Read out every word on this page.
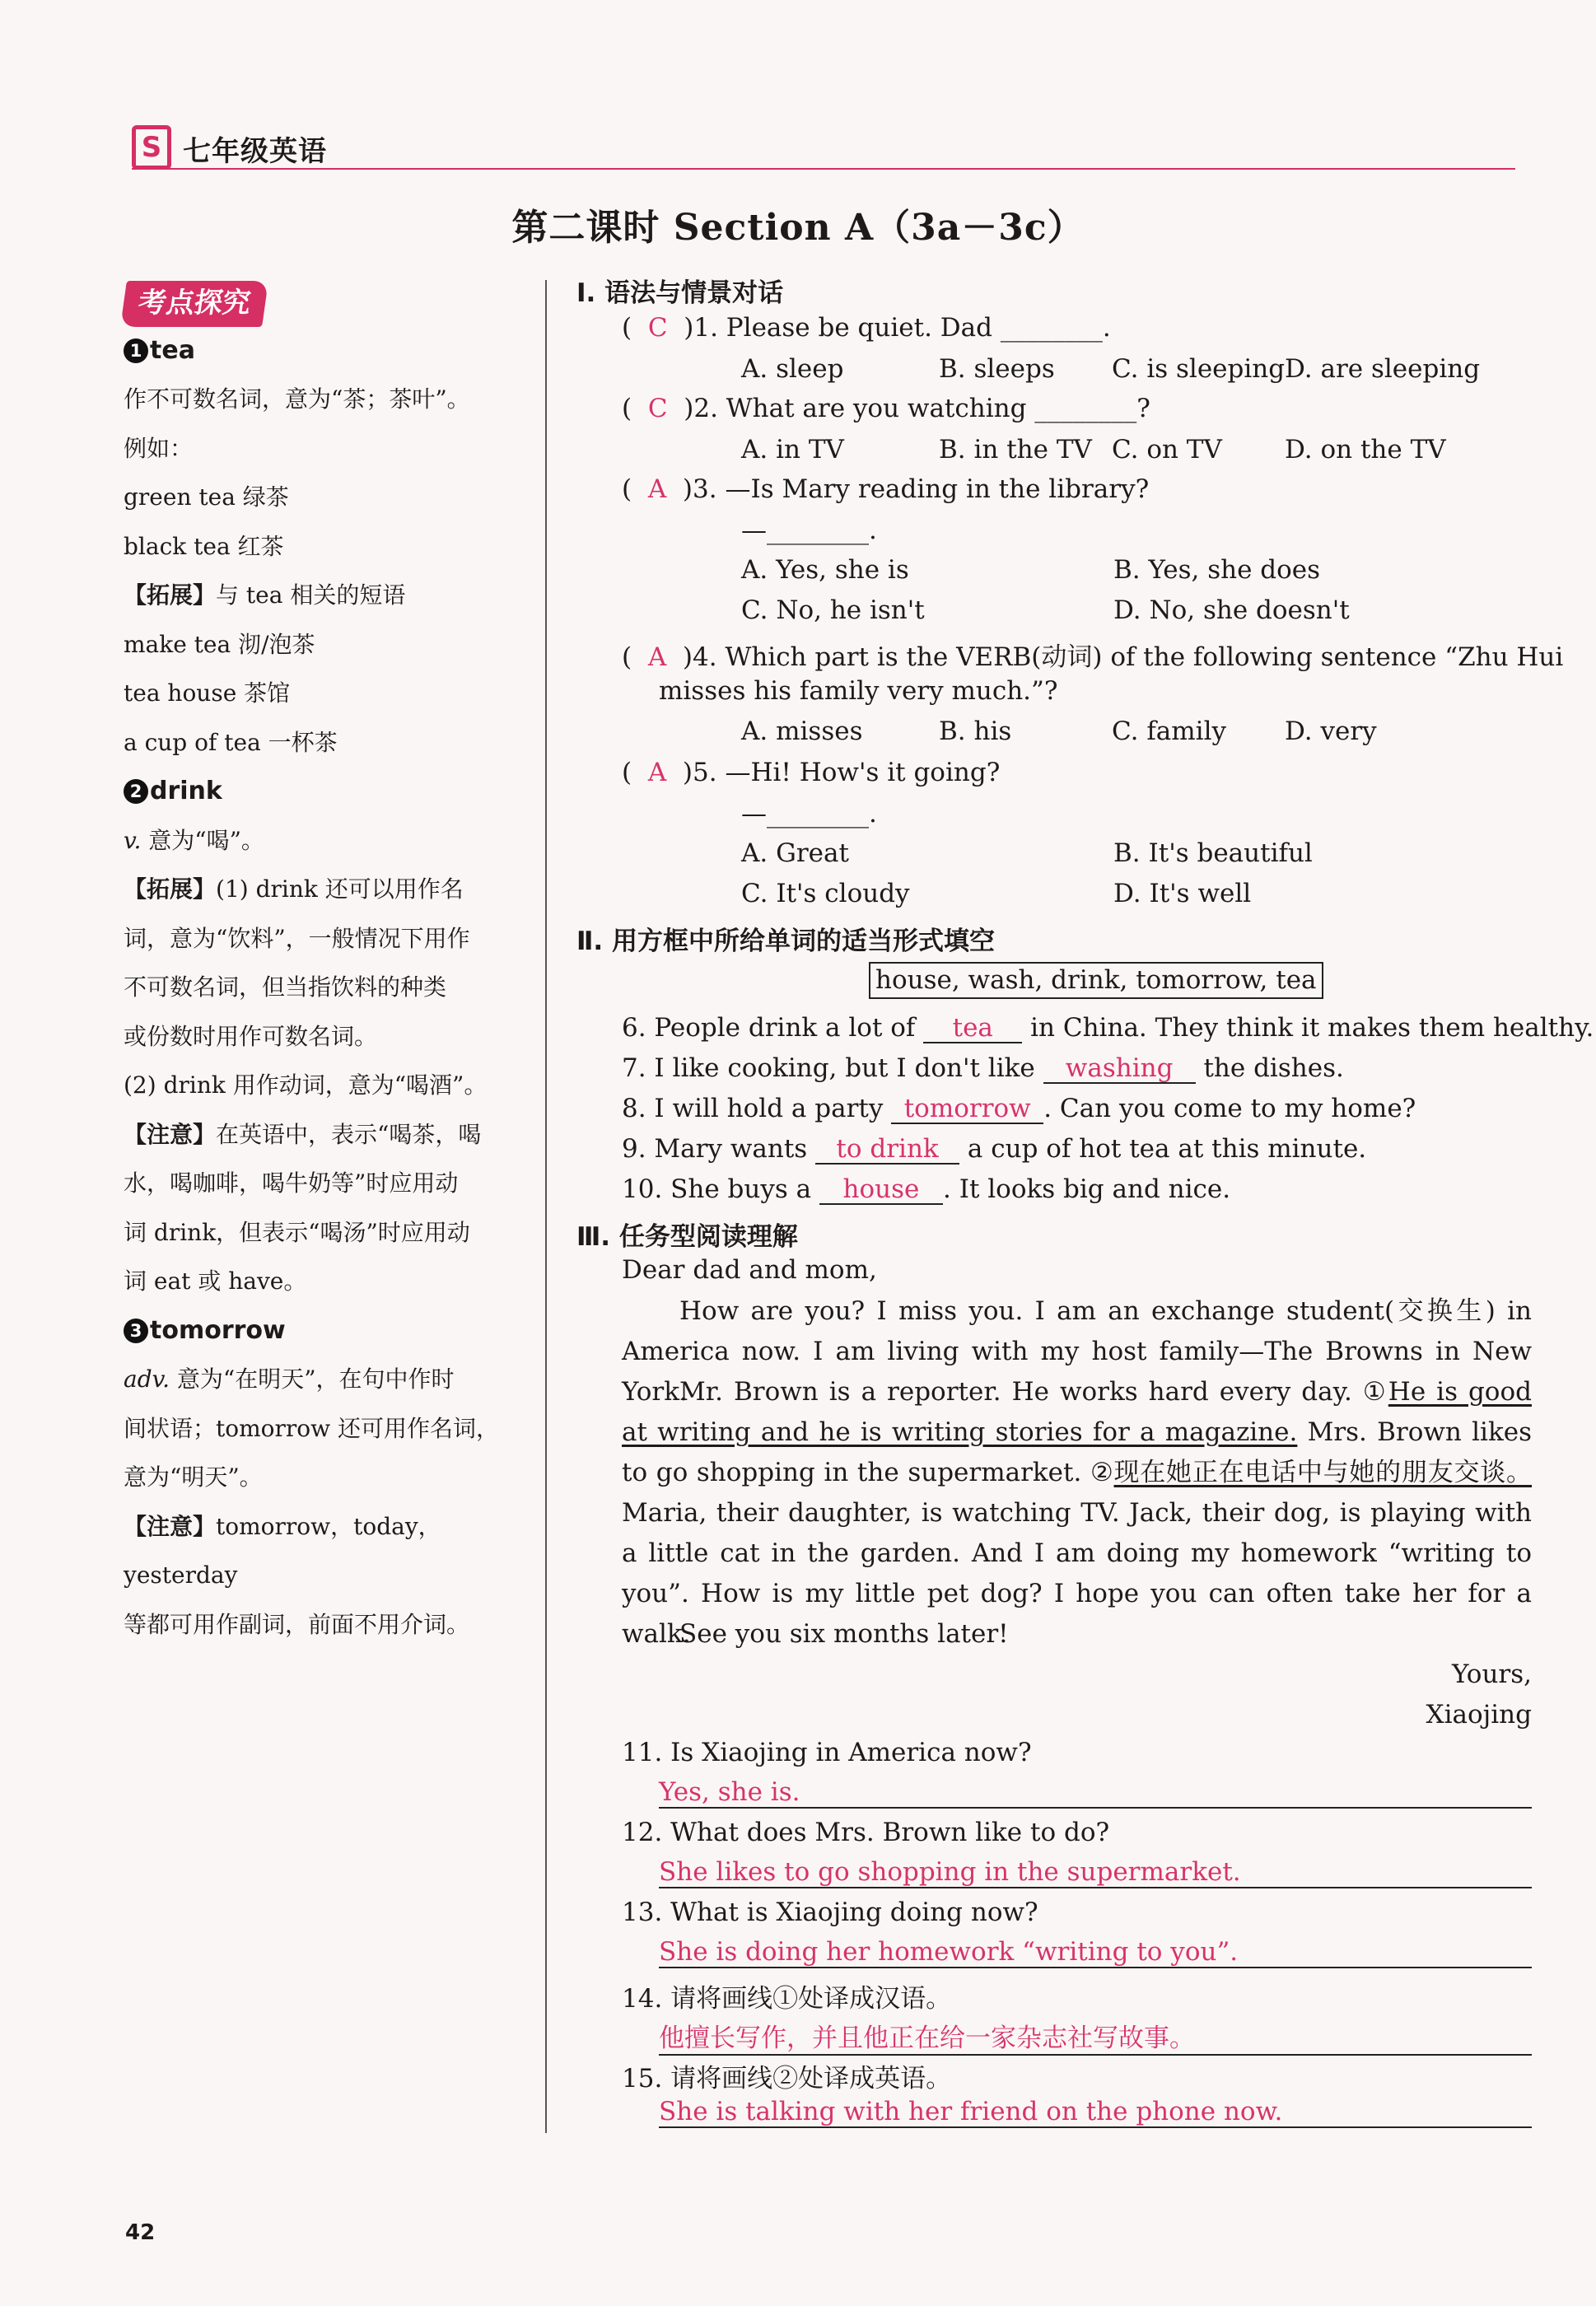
S 七年级英语
第二课时 Section A（3a－3c）
考点探究
1 tea
作不可数名词，意为“茶；茶叶”。
例如：
green tea 绿茶
black tea 红茶
【拓展】与 tea 相关的短语
make tea 沏/泡茶
tea house 茶馆
a cup of tea 一杯茶
2 drink
v. 意为“喝”。
【拓展】(1) drink 还可以用作名
词，意为“饮料”，一般情况下用作
不可数名词，但当指饮料的种类
或份数时用作可数名词。
(2) drink 用作动词，意为“喝酒”。
【注意】在英语中，表示“喝茶，喝
水，喝咖啡，喝牛奶等”时应用动
词 drink，但表示“喝汤”时应用动
词 eat 或 have。
3 tomorrow
adv. 意为“在明天”，在句中作时
间状语；tomorrow 还可用作名词，
意为“明天”。
【注意】tomorrow，today，yesterday
等都可用作副词，前面不用介词。
Ⅰ. 语法与情景对话
(  C )1. Please be quiet. Dad ________.
A. sleep	B. sleeps C. is sleeping D. are sleeping
(  C )2. What are you watching ________?
A. in TV	B. in the TV C. on TV D. on the TV
(  A )3. —Is Mary reading in the library?
—________.
A. Yes, she is	B. Yes, she does
C. No, he isn't	D. No, she doesn't
(  A )4. Which part is the VERB(动词) of the following sentence “Zhu Hui
misses his family very much.”?
A. misses	B. his	C. family D. very
(  A )5. —Hi! How's it going?
—________.
A. Great	B. It's beautiful
C. It's cloudy	D. It's well
Ⅱ. 用方框中所给单词的适当形式填空
house, wash, drink, tomorrow, tea
6. People drink a lot of tea in China. They think it makes them healthy.
7. I like cooking, but I don't like washing the dishes.
8. I will hold a party tomorrow . Can you come to my home?
9. Mary wants to drink a cup of hot tea at this minute.
10. She buys a house . It looks big and nice.
Ⅲ. 任务型阅读理解
Dear dad and mom,
How are you? I miss you. I am an exchange student(交换生) in America now. I am living with my host family—The Browns in New York.
Mr. Brown is a reporter. He works hard every day. ①He is good at writing and he is writing stories for a magazine. Mrs. Brown likes to go shopping in the supermarket. ②现在她正在电话中与她的朋友交谈。 Maria, their daughter, is watching TV. Jack, their dog, is playing with a little cat in the garden. And I am doing my homework “writing to you”. How is my little pet dog? I hope you can often take her for a walk.
See you six months later!
Yours,
Xiaojing
11. Is Xiaojing in America now?
Yes, she is.
12. What does Mrs. Brown like to do?
She likes to go shopping in the supermarket.
13. What is Xiaojing doing now?
She is doing her homework “writing to you”.
14. 请将画线①处译成汉语。
他擅长写作，并且他正在给一家杂志社写故事。
15. 请将画线②处译成英语。
She is talking with her friend on the phone now.
42
